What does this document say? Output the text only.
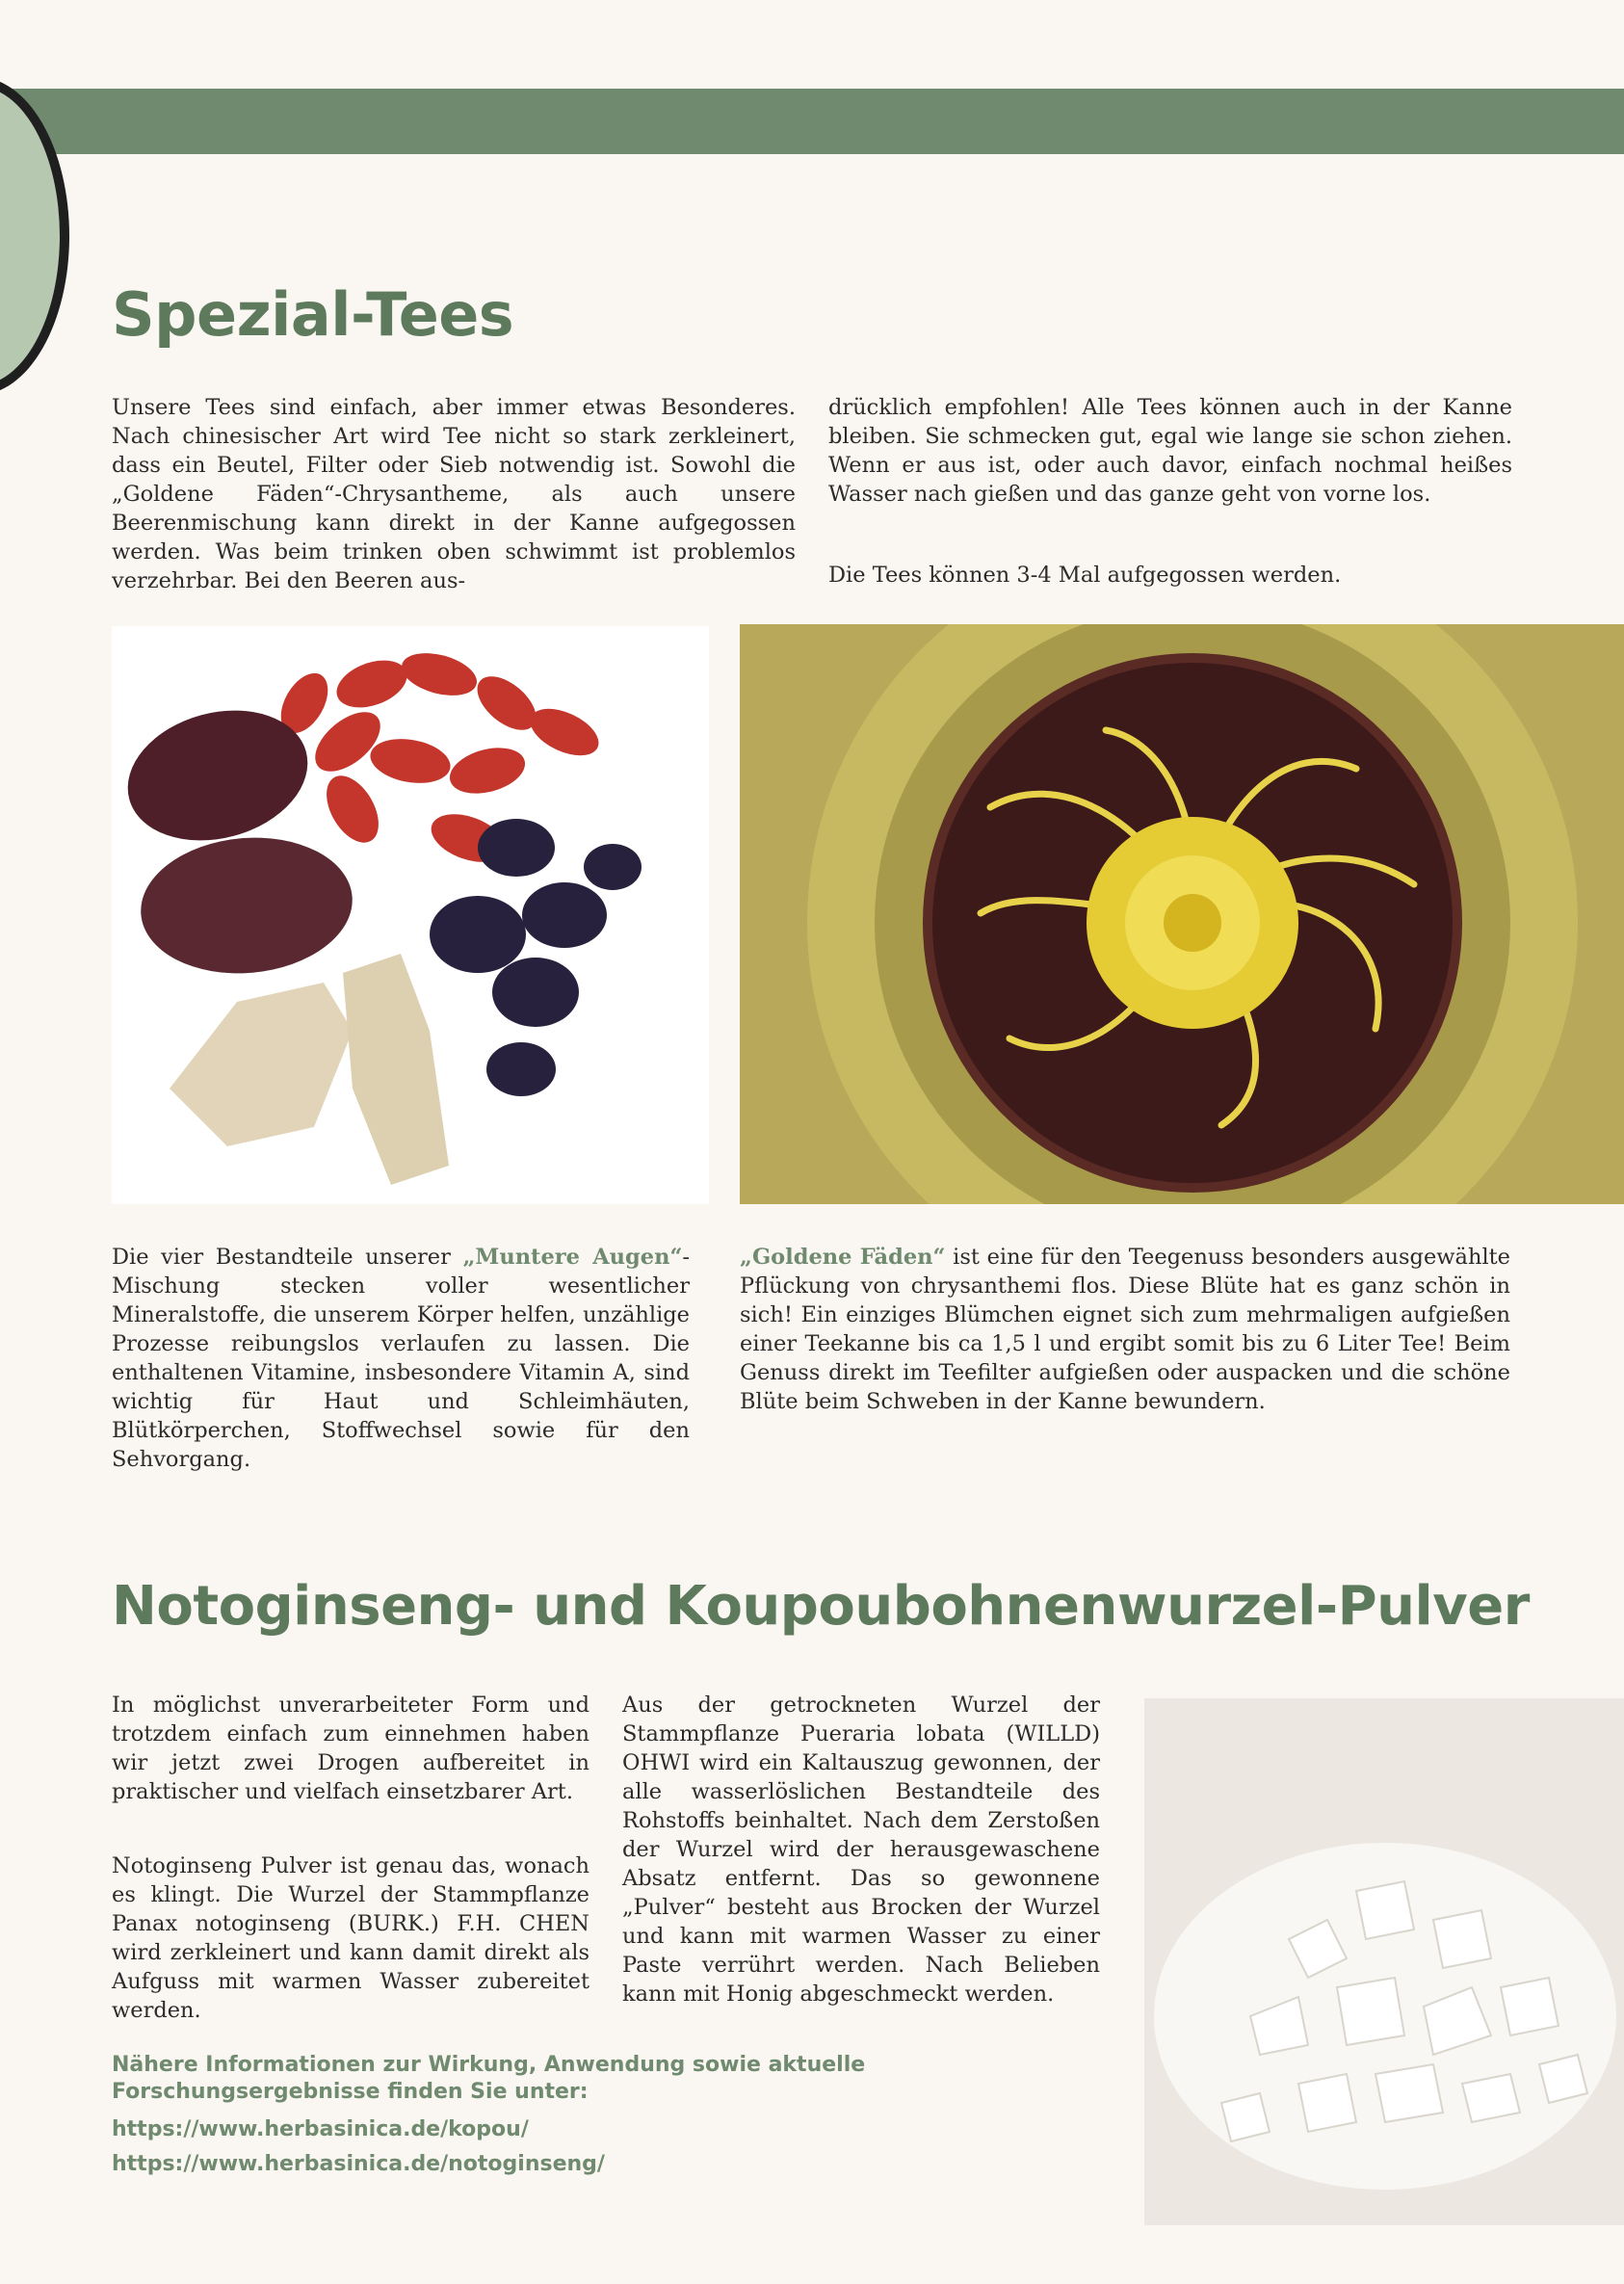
Spezial-Tees

Unsere Tees sind einfach, aber immer etwas Besonderes. Nach chinesischer Art wird Tee nicht so stark zerkleinert, dass ein Beutel, Filter oder Sieb notwendig ist. Sowohl die „Goldene Fäden“-Chrysantheme, als auch unsere Beerenmischung kann direkt in der Kanne aufgegossen werden. Was beim trinken oben schwimmt ist problemlos verzehrbar. Bei den Beeren aus-

drücklich empfohlen! Alle Tees können auch in der Kanne bleiben. Sie schmecken gut, egal wie lange sie schon ziehen. Wenn er aus ist, oder auch davor, einfach nochmal heißes Wasser nach gießen und das ganze geht von vorne los.

Die Tees können 3-4 Mal aufgegossen werden.

Die vier Bestandteile unserer „Muntere Augen“-Mischung stecken voller wesentlicher Mineralstoffe, die unserem Körper helfen, unzählige Prozesse reibungslos verlaufen zu lassen. Die enthaltenen Vitamine, insbesondere Vitamin A, sind wichtig für Haut und Schleimhäuten, Blütkörperchen, Stoffwechsel sowie für den Sehvorgang.

„Goldene Fäden“ ist eine für den Teegenuss besonders ausgewählte Pflückung von chrysanthemi flos. Diese Blüte hat es ganz schön in sich! Ein einziges Blümchen eignet sich zum mehrmaligen aufgießen einer Teekanne bis ca 1,5 l und ergibt somit bis zu 6 Liter Tee! Beim Genuss direkt im Teefilter aufgießen oder auspacken und die schöne Blüte beim Schweben in der Kanne bewundern.

Notoginseng- und Koupoubohnenwurzel-Pulver

In möglichst unverarbeiteter Form und trotzdem einfach zum einnehmen haben wir jetzt zwei Drogen aufbereitet in praktischer und vielfach einsetzbarer Art.

Notoginseng Pulver ist genau das, wonach es klingt. Die Wurzel der Stammpflanze Panax notoginseng (BURK.) F.H. CHEN wird zerkleinert und kann damit direkt als Aufguss mit warmen Wasser zubereitet werden.

Aus der getrockneten Wurzel der Stammpflanze Pueraria lobata (WILLD) OHWI wird ein Kaltauszug gewonnen, der alle wasserlöslichen Bestandteile des Rohstoffs beinhaltet. Nach dem Zerstoßen der Wurzel wird der herausgewaschene Absatz entfernt. Das so gewonnene „Pulver“ besteht aus Brocken der Wurzel und kann mit warmen Wasser zu einer Paste verrührt werden. Nach Belieben kann mit Honig abgeschmeckt werden.

Nähere Informationen zur Wirkung, Anwendung sowie aktuelle Forschungsergebnisse finden Sie unter:
https://www.herbasinica.de/kopou/
https://www.herbasinica.de/notoginseng/
